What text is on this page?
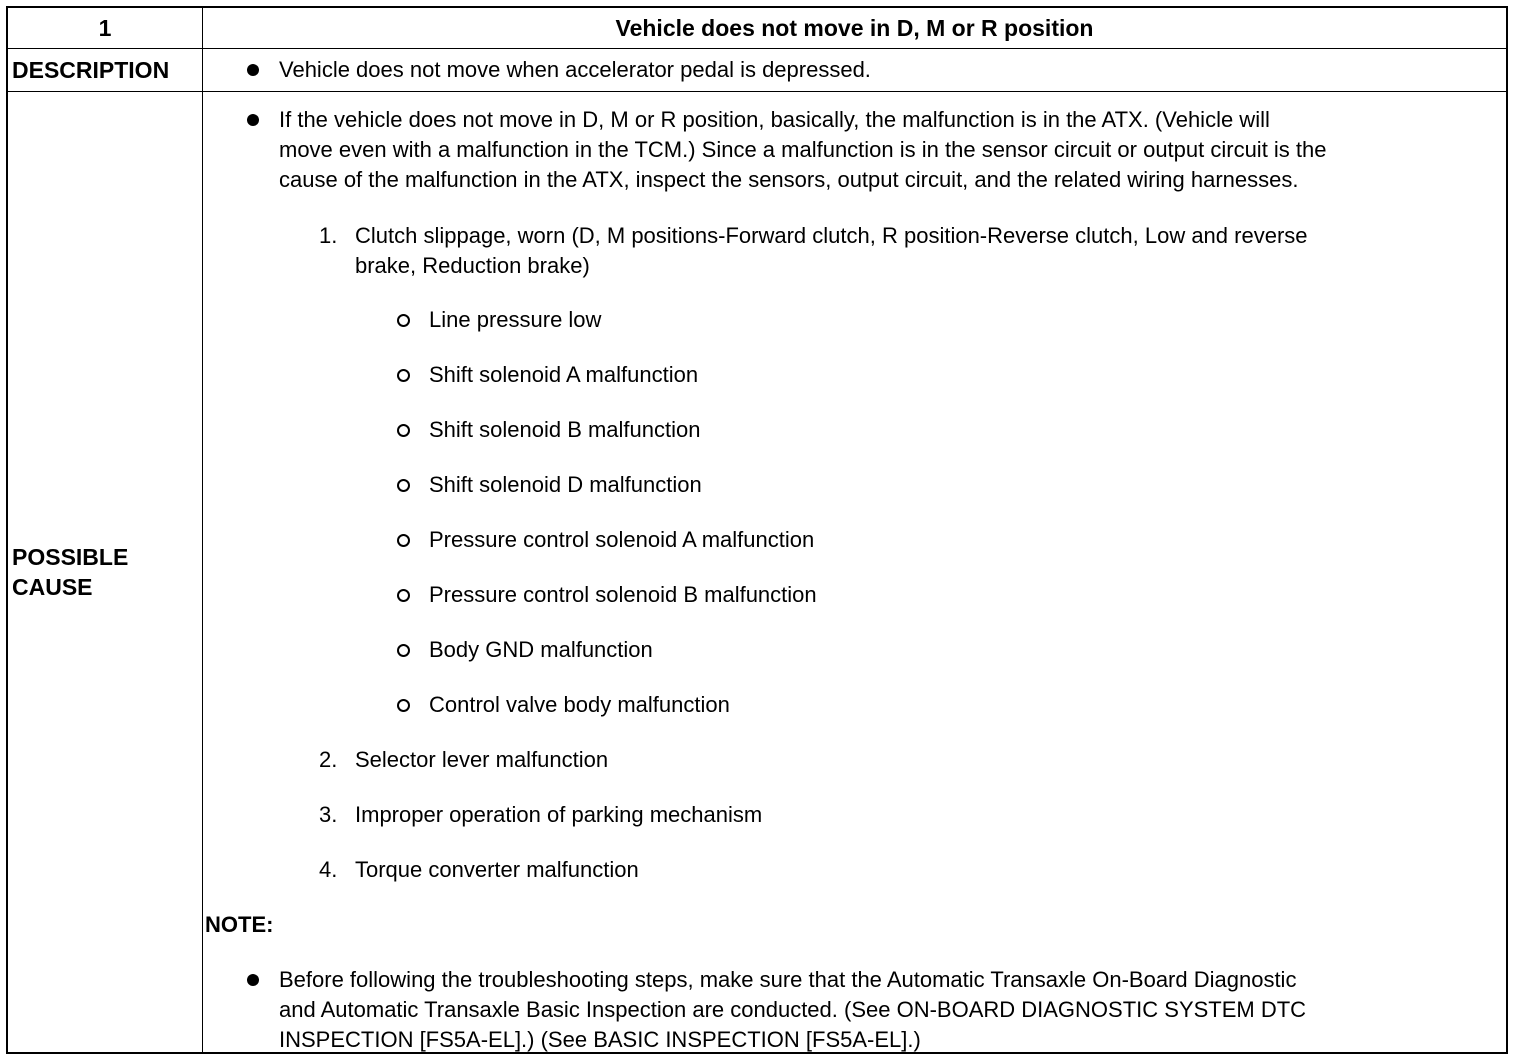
1	Vehicle does not move in D, M or R position
DESCRIPTION	Vehicle does not move when accelerator pedal is depressed.
POSSIBLE
CAUSE
If the vehicle does not move in D, M or R position, basically, the malfunction is in the ATX. (Vehicle will
move even with a malfunction in the TCM.) Since a malfunction is in the sensor circuit or output circuit is the
cause of the malfunction in the ATX, inspect the sensors, output circuit, and the related wiring harnesses.
1. Clutch slippage, worn (D, M positions-Forward clutch, R position-Reverse clutch, Low and reverse
brake, Reduction brake)
Line pressure low
Shift solenoid A malfunction
Shift solenoid B malfunction
Shift solenoid D malfunction
Pressure control solenoid A malfunction
Pressure control solenoid B malfunction
Body GND malfunction
Control valve body malfunction
2. Selector lever malfunction
3. Improper operation of parking mechanism
4. Torque converter malfunction
NOTE:
Before following the troubleshooting steps, make sure that the Automatic Transaxle On-Board Diagnostic
and Automatic Transaxle Basic Inspection are conducted. (See ON-BOARD DIAGNOSTIC SYSTEM DTC
INSPECTION [FS5A-EL].) (See BASIC INSPECTION [FS5A-EL].)
